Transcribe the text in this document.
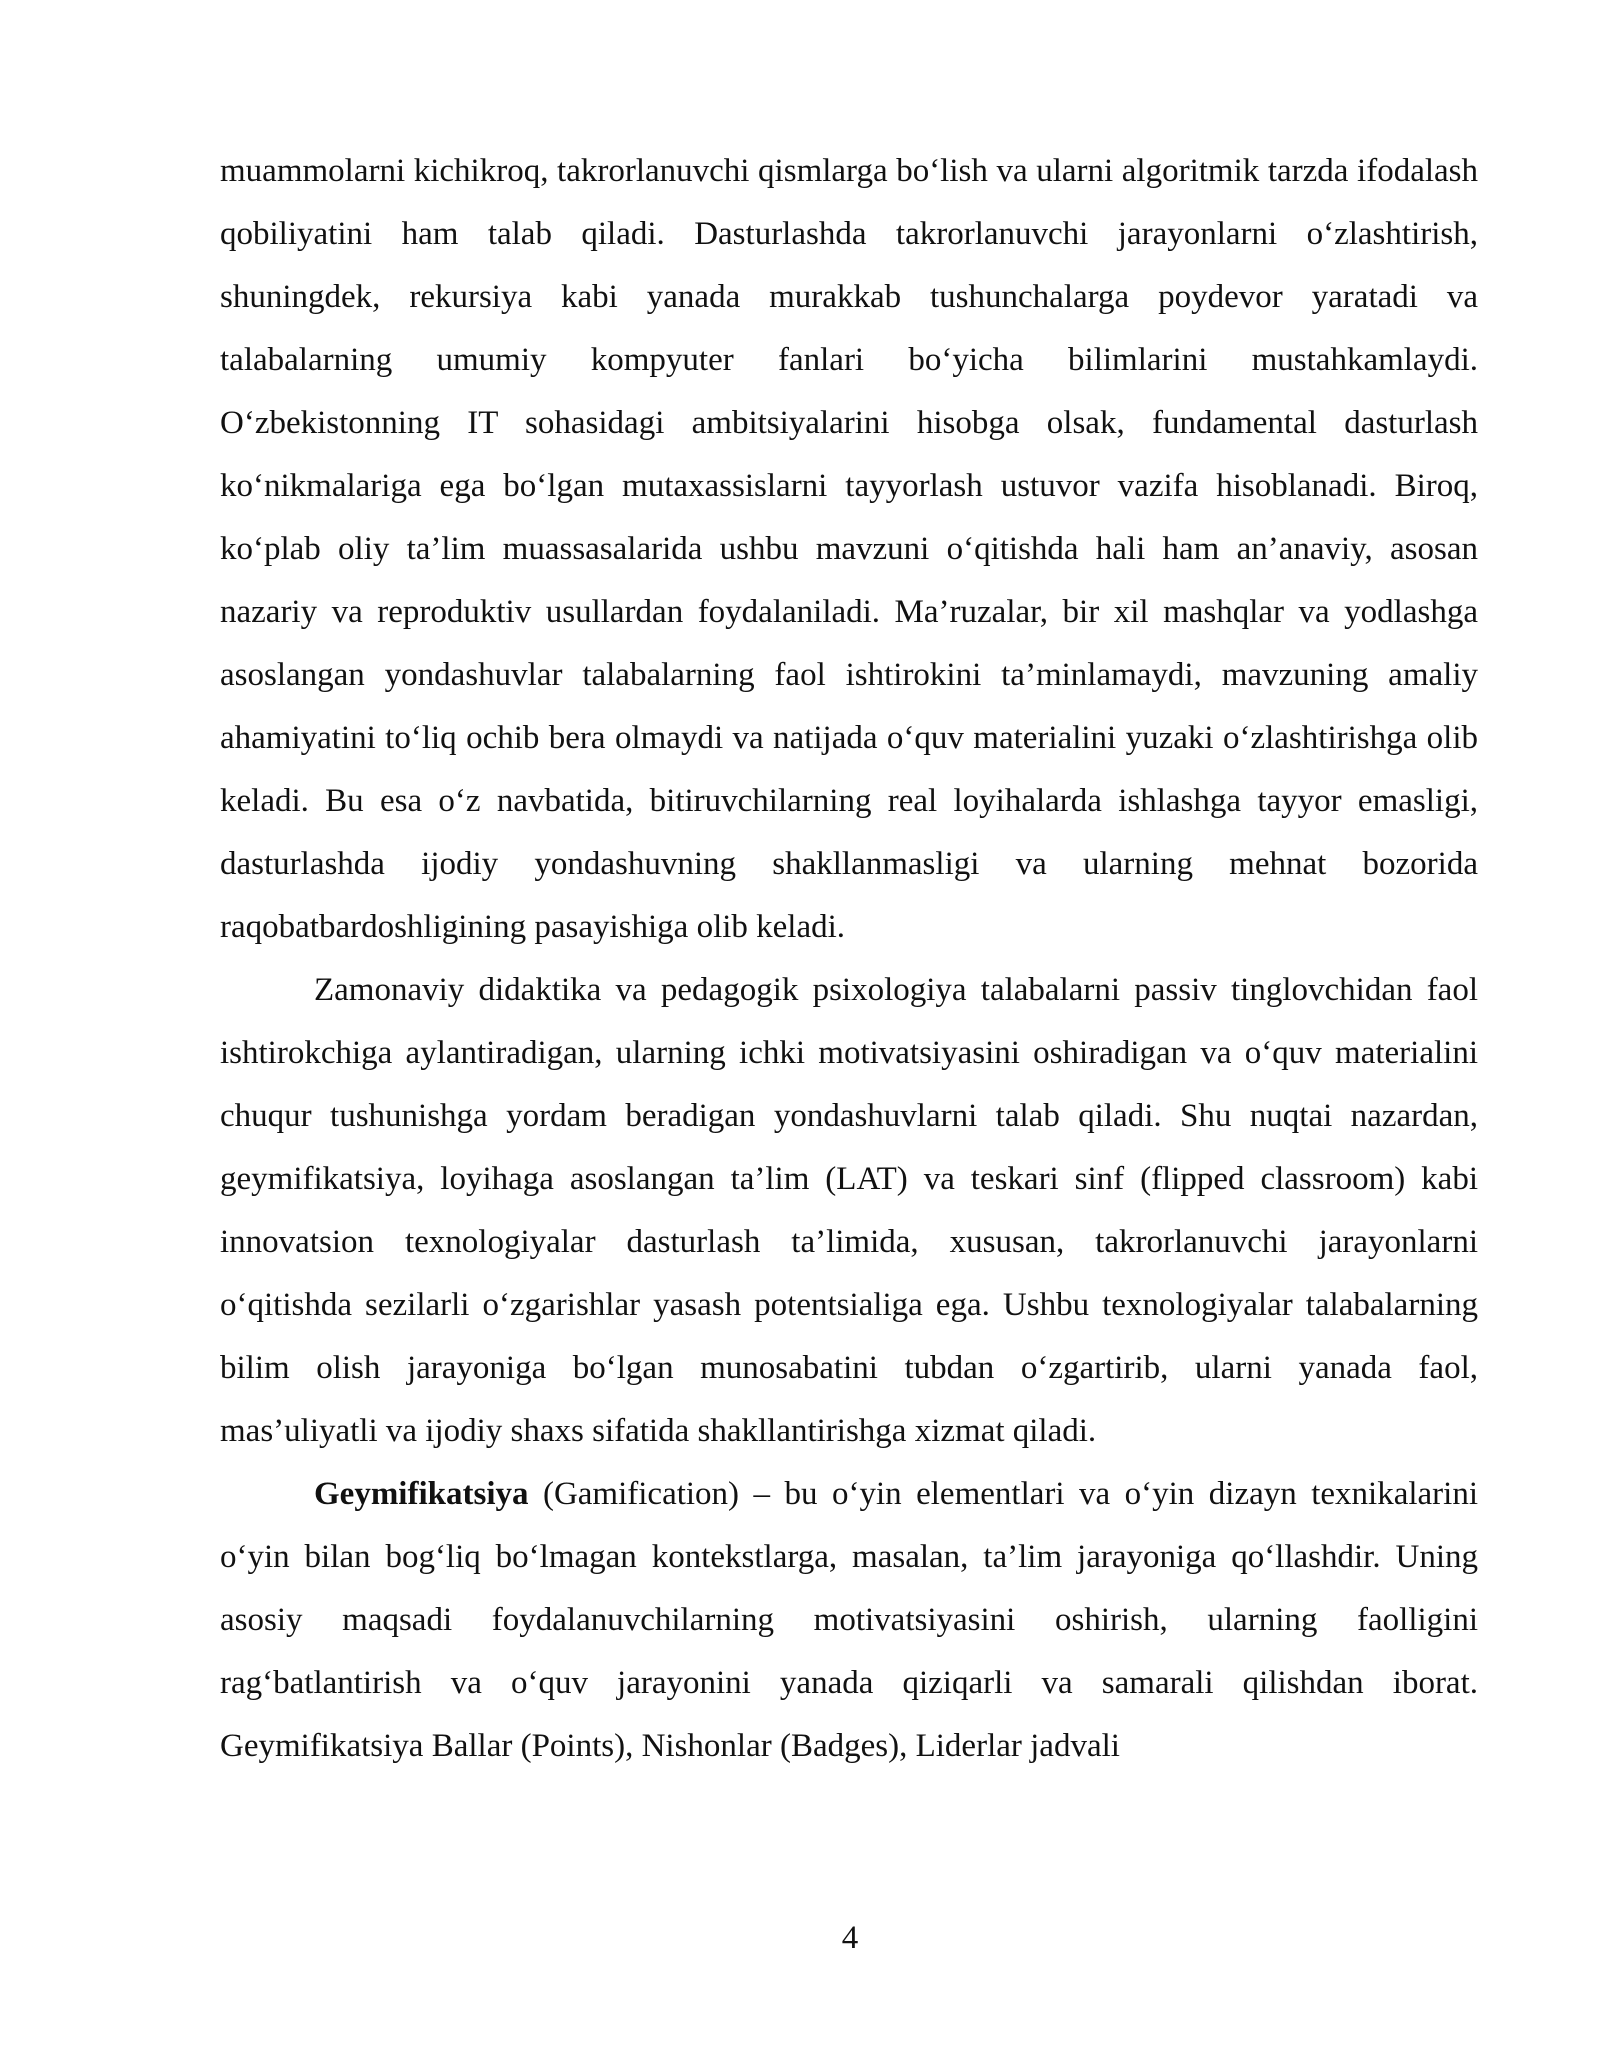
muammolarni kichikroq, takrorlanuvchi qismlarga bo‘lish va ularni algoritmik tarzda ifodalash qobiliyatini ham talab qiladi. Dasturlashda takrorlanuvchi jarayonlarni o‘zlashtirish, shuningdek, rekursiya kabi yanada murakkab tushunchalarga poydevor yaratadi va talabalarning umumiy kompyuter fanlari bo‘yicha bilimlarini mustahkamlaydi. O‘zbekistonning IT sohasidagi ambitsiyalarini hisobga olsak, fundamental dasturlash ko‘nikmalariga ega bo‘lgan mutaxassislarni tayyorlash ustuvor vazifa hisoblanadi. Biroq, ko‘plab oliy ta’lim muassasalarida ushbu mavzuni o‘qitishda hali ham an’anaviy, asosan nazariy va reproduktiv usullardan foydalaniladi. Ma’ruzalar, bir xil mashqlar va yodlashga asoslangan yondashuvlar talabalarning faol ishtirokini ta’minlamaydi, mavzuning amaliy ahamiyatini to‘liq ochib bera olmaydi va natijada o‘quv materialini yuzaki o‘zlashtirishga olib keladi. Bu esa o‘z navbatida, bitiruvchilarning real loyihalarda ishlashga tayyor emasligi, dasturlashda ijodiy yondashuvning shakllanmasligi va ularning mehnat bozorida raqobatbardoshligining pasayishiga olib keladi.

Zamonaviy didaktika va pedagogik psixologiya talabalarni passiv tinglovchidan faol ishtirokchiga aylantiradigan, ularning ichki motivatsiyasini oshiradigan va o‘quv materialini chuqur tushunishga yordam beradigan yondashuvlarni talab qiladi. Shu nuqtai nazardan, geymifikatsiya, loyihaga asoslangan ta’lim (LAT) va teskari sinf (flipped classroom) kabi innovatsion texnologiyalar dasturlash ta’limida, xususan, takrorlanuvchi jarayonlarni o‘qitishda sezilarli o‘zgarishlar yasash potentsialiga ega. Ushbu texnologiyalar talabalarning bilim olish jarayoniga bo‘lgan munosabatini tubdan o‘zgartirib, ularni yanada faol, mas’uliyatli va ijodiy shaxs sifatida shakllantirishga xizmat qiladi.

Geymifikatsiya (Gamification) – bu o‘yin elementlari va o‘yin dizayn texnikalarini o‘yin bilan bog‘liq bo‘lmagan kontekstlarga, masalan, ta’lim jarayoniga qo‘llashdir. Uning asosiy maqsadi foydalanuvchilarning motivatsiyasini oshirish, ularning faolligini rag‘batlantirish va o‘quv jarayonini yanada qiziqarli va samarali qilishdan iborat. Geymifikatsiya Ballar (Points), Nishonlar (Badges), Liderlar jadvali

4
